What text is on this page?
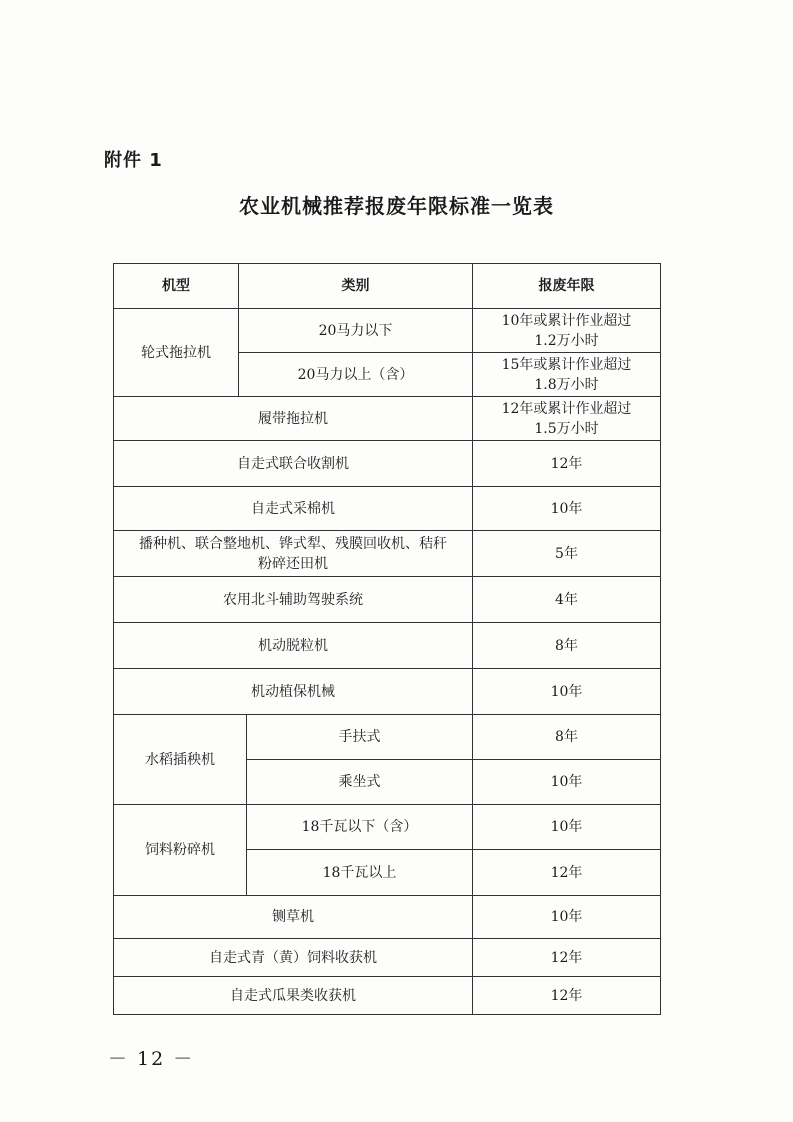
附件 1
农业机械推荐报废年限标准一览表
机型	类别		报废年限
轮式拖拉机	20马力以下		10年或累计作业超过
1.2万小时

	20马力以上（含）		15年或累计作业超过
1.8万小时

履带拖拉机			12年或累计作业超过
1.5万小时

自走式联合收割机			12年
自走式采棉机			10年

播种机、联合整地机、铧式犁、残膜回收机、秸秆
粉碎还田机			5年
农用北斗辅助驾驶系统			4年
机动脱粒机			8年
机动植保机械			10年
水稻插秧机		手扶式	8年
		乘坐式	10年
饲料粉碎机		18千瓦以下（含）	10年
		18千瓦以上	12年
铡草机			10年
自走式青（黄）饲料收获机			12年
自走式瓜果类收获机			12年
－ 12 －
